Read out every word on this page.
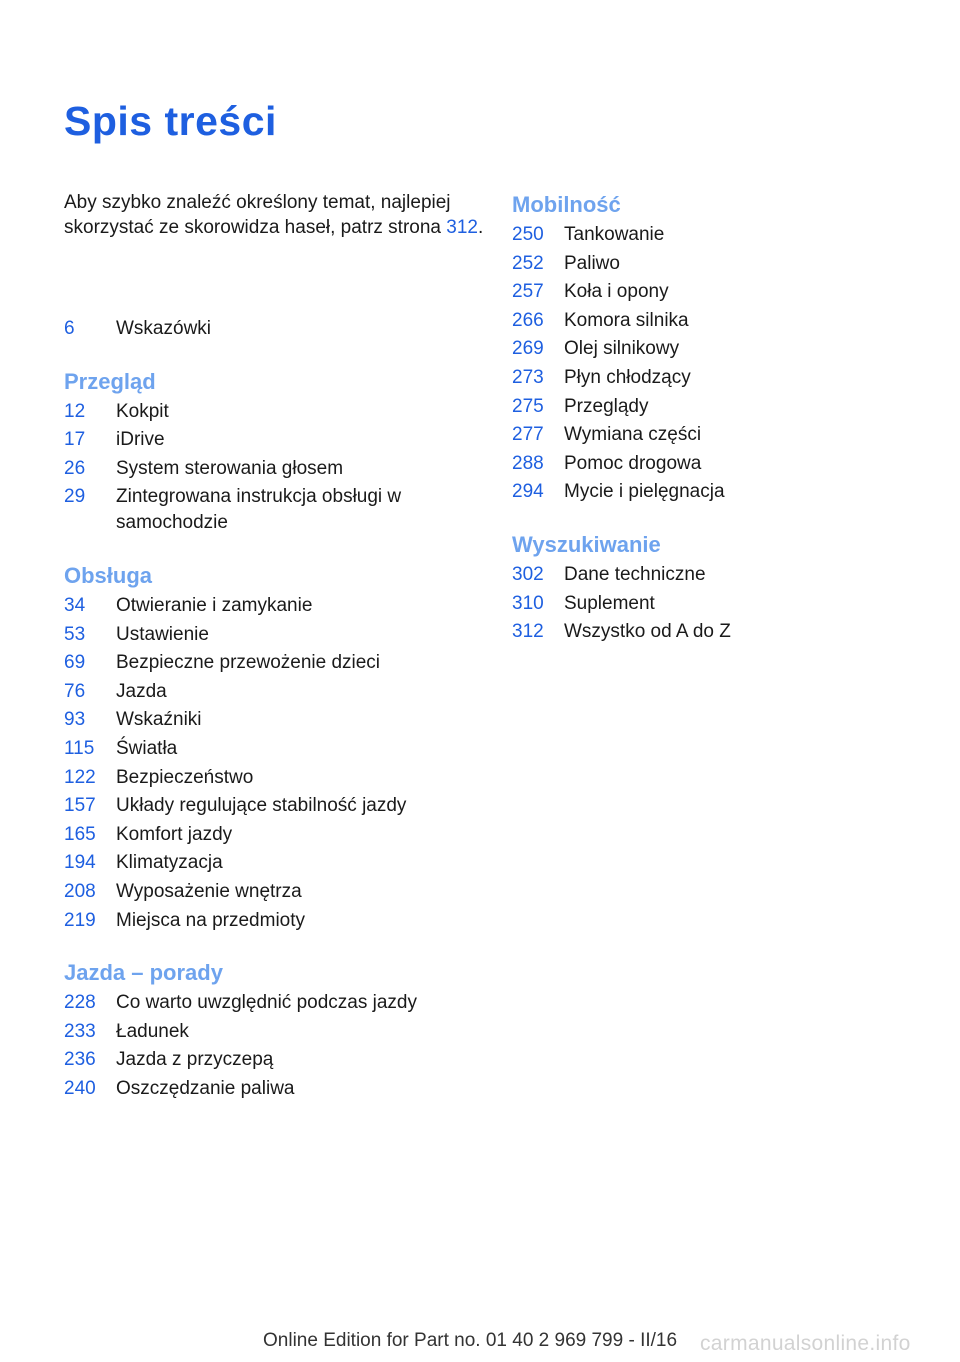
Spis treści
Aby szybko znaleźć określony temat, najlepiej skorzystać ze skorowidza haseł, patrz strona 312.
6	Wskazówki
Przegląd
12	Kokpit
17	iDrive
26	System sterowania głosem
29	Zintegrowana instrukcja obsługi w samochodzie
Obsługa
34	Otwieranie i zamykanie
53	Ustawienie
69	Bezpieczne przewożenie dzieci
76	Jazda
93	Wskaźniki
115	Światła
122	Bezpieczeństwo
157	Układy regulujące stabilność jazdy
165	Komfort jazdy
194	Klimatyzacja
208	Wyposażenie wnętrza
219	Miejsca na przedmioty
Jazda – porady
228	Co warto uwzględnić podczas jazdy
233	Ładunek
236	Jazda z przyczepą
240	Oszczędzanie paliwa
Mobilność
250	Tankowanie
252	Paliwo
257	Koła i opony
266	Komora silnika
269	Olej silnikowy
273	Płyn chłodzący
275	Przeglądy
277	Wymiana części
288	Pomoc drogowa
294	Mycie i pielęgnacja
Wyszukiwanie
302	Dane techniczne
310	Suplement
312	Wszystko od A do Z
Online Edition for Part no. 01 40 2 969 799 - II/16 carmanualsonline.info
